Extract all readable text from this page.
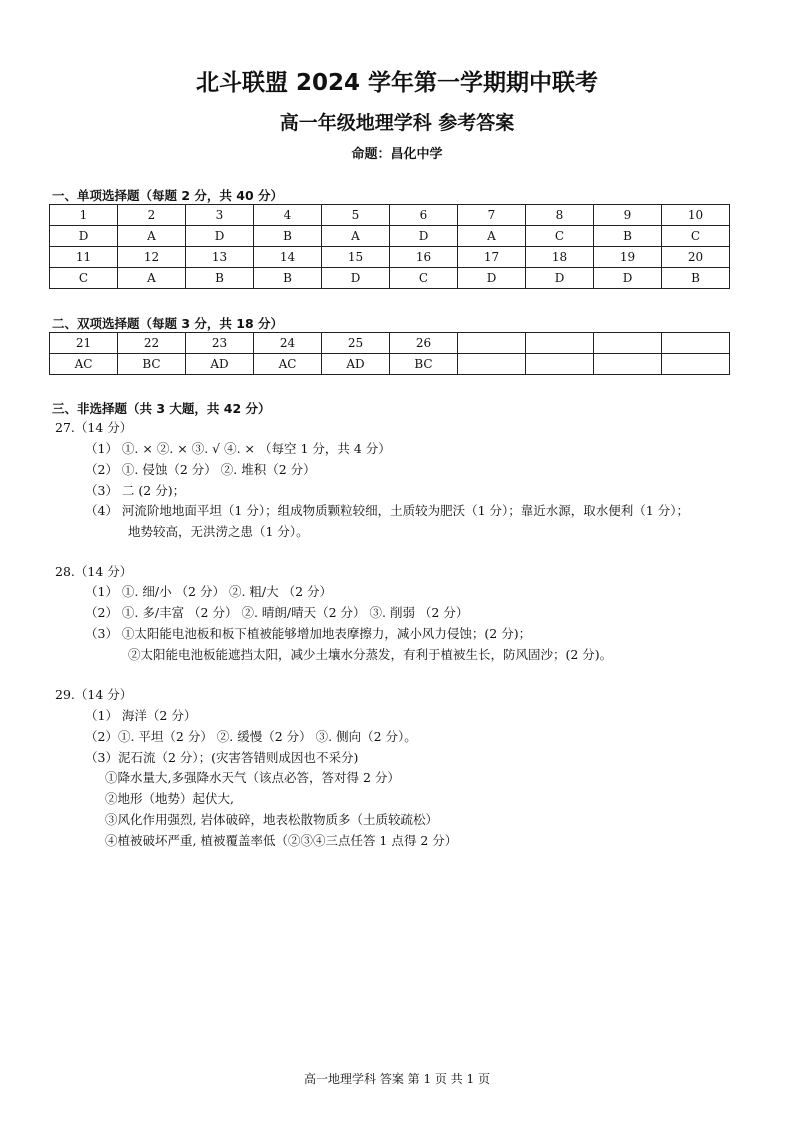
北斗联盟 2024 学年第一学期期中联考
高一年级地理学科 参考答案
命题：昌化中学
一、单项选择题（每题 2 分，共 40 分）
1	2	3	4	5	6	7	8	9	10
D	A	D	B	A	D	A	C	B	C
11	12	13	14	15	16	17	18	19	20
C	A	B	B	D	C	D	D	D	B
二、双项选择题（每题 3 分，共 18 分）
21	22	23	24	25	26				
AC	BC	AD	AC	AD	BC				
三、非选择题（共 3 大题，共 42 分）
27.（14 分）
（1） ①. × ②. × ③. √ ④. × （每空 1 分，共 4 分）
（2） ①. 侵蚀（2 分） ②. 堆积（2 分）
（3） 二 (2 分)；
（4） 河流阶地地面平坦（1 分）；组成物质颗粒较细，土质较为肥沃（1 分）；靠近水源，取水便利（1 分）；
地势较高，无洪涝之患（1 分）。
28.（14 分）
（1） ①. 细/小 （2 分） ②. 粗/大 （2 分）
（2） ①. 多/丰富 （2 分） ②. 晴朗/晴天（2 分） ③. 削弱 （2 分）
（3） ①太阳能电池板和板下植被能够增加地表摩擦力，减小风力侵蚀；(2 分)；
②太阳能电池板能遮挡太阳，减少土壤水分蒸发，有利于植被生长，防风固沙；(2 分)。
29.（14 分）
（1） 海洋（2 分）
（2）①. 平坦（2 分） ②. 缓慢（2 分） ③. 侧向（2 分）。
（3）泥石流（2 分）；(灾害答错则成因也不采分)
①降水量大,多强降水天气（该点必答，答对得 2 分）
②地形（地势）起伏大,
③风化作用强烈, 岩体破碎，地表松散物质多（土质较疏松）
④植被破坏严重, 植被覆盖率低（②③④三点任答 1 点得 2 分）
高一地理学科 答案 第 1 页 共 1 页
